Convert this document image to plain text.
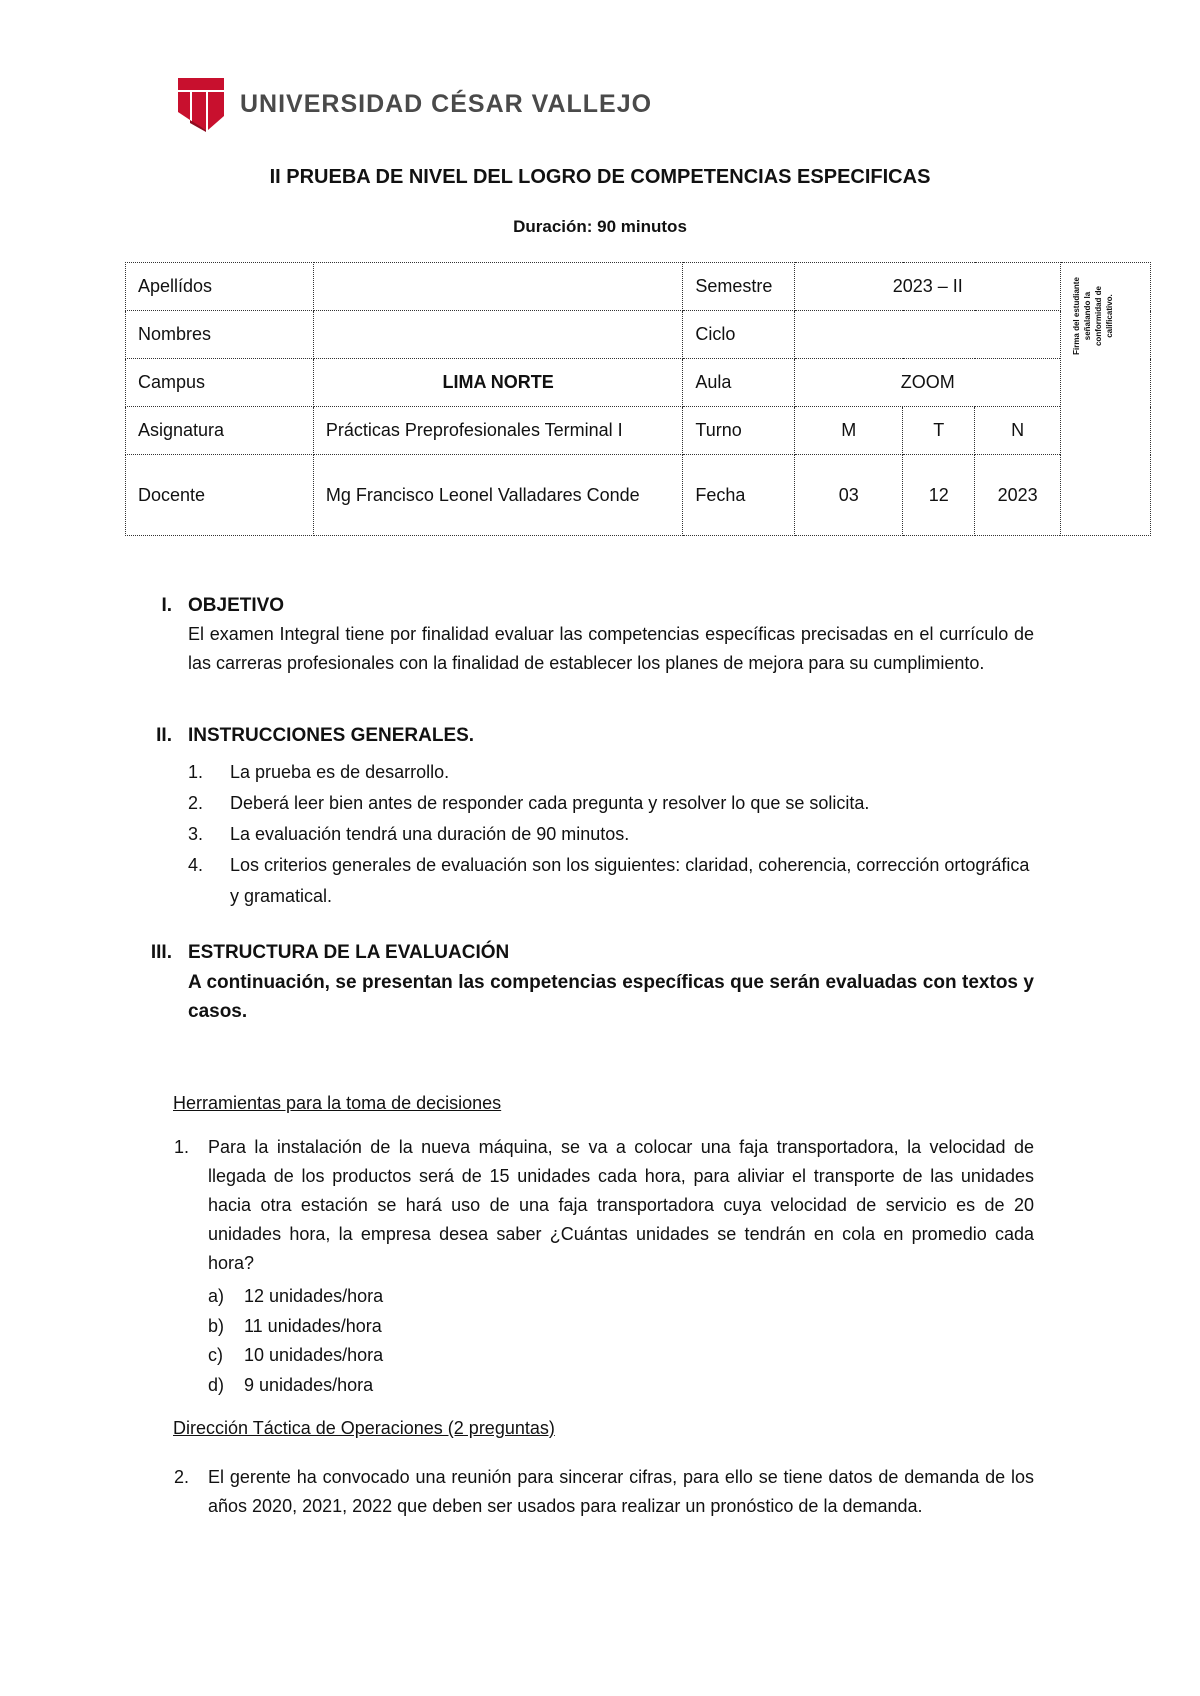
UNIVERSIDAD CÉSAR VALLEJO
II PRUEBA DE NIVEL DEL LOGRO DE COMPETENCIAS ESPECIFICAS
Duración: 90 minutos
Apellídos		Semestre	2023 – II			Firma del estudiante señalando la conformidad de calificativo.

Nombres		Ciclo				
Campus	LIMA NORTE	Aula	ZOOM			
Asignatura	Prácticas Preprofesionales Terminal I	Turno	M	T	N	
Docente	Mg Francisco Leonel Valladares Conde	Fecha	03	12	2023	
I. OBJETIVO
El examen Integral tiene por finalidad evaluar las competencias específicas precisadas en el currículo de las carreras profesionales con la finalidad de establecer los planes de mejora para su cumplimiento.
II. INSTRUCCIONES GENERALES.
1. La prueba es de desarrollo.
2. Deberá leer bien antes de responder cada pregunta y resolver lo que se solicita.
3. La evaluación tendrá una duración de 90 minutos.
4. Los criterios generales de evaluación son los siguientes: claridad, coherencia, corrección ortográfica y gramatical.
III. ESTRUCTURA DE LA EVALUACIÓN
A continuación, se presentan las competencias específicas que serán evaluadas con textos y casos.
Herramientas para la toma de decisiones
1. Para la instalación de la nueva máquina, se va a colocar una faja transportadora, la velocidad de llegada de los productos será de 15 unidades cada hora, para aliviar el transporte de las unidades hacia otra estación se hará uso de una faja transportadora cuya velocidad de servicio es de 20 unidades hora, la empresa desea saber ¿Cuántas unidades se tendrán en cola en promedio cada hora?
a) 12 unidades/hora
b) 11 unidades/hora
c) 10 unidades/hora
d) 9 unidades/hora
Dirección Táctica de Operaciones (2 preguntas)
2. El gerente ha convocado una reunión para sincerar cifras, para ello se tiene datos de demanda de los años 2020, 2021, 2022 que deben ser usados para realizar un pronóstico de la demanda.
